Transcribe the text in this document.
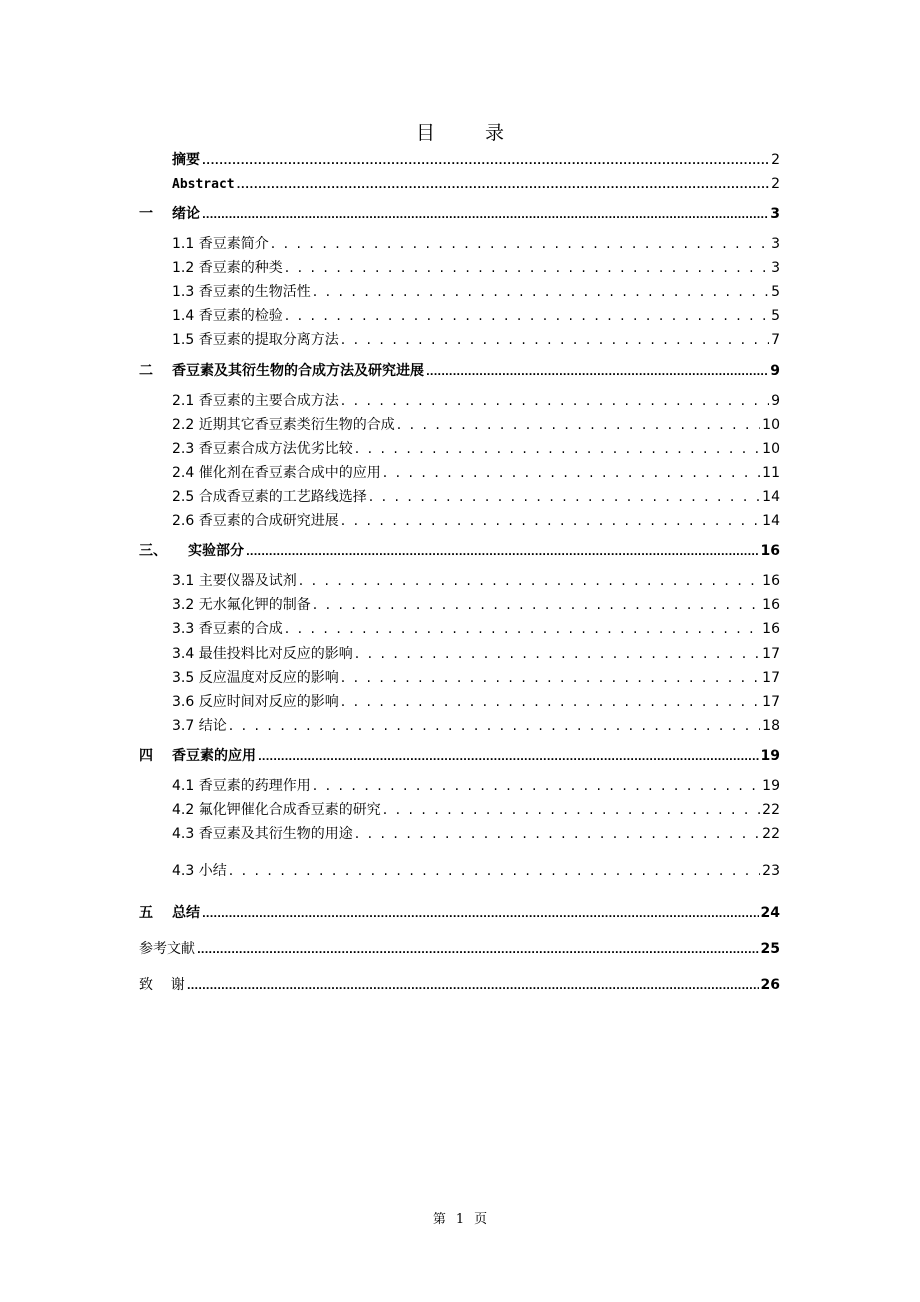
目 录
摘要 .....	2
Abstract .....	2
一 绪论 .....	3
1.1 香豆素简介 . . .	3
1.2 香豆素的种类 . . .	3
1.3 香豆素的生物活性 . . .	5
1.4 香豆素的检验 . . .	5
1.5 香豆素的提取分离方法 . . .	7
二 香豆素及其衍生物的合成方法及研究进展 .....	9
2.1 香豆素的主要合成方法 . . .	9
2.2 近期其它香豆素类衍生物的合成 . . .	10
2.3 香豆素合成方法优劣比较 . . .	10
2.4 催化剂在香豆素合成中的应用 . . .	11
2.5 合成香豆素的工艺路线选择 . . .	14
2.6 香豆素的合成研究进展 . . .	14
三、 实验部分 .....	16
3.1 主要仪器及试剂 . . .	16
3.2 无水氟化钾的制备 . . .	16
3.3 香豆素的合成 . . .	16
3.4 最佳投料比对反应的影响 . . .	17
3.5 反应温度对反应的影响 . . .	17
3.6 反应时间对反应的影响 . . .	17
3.7 结论 . . .	18
四 香豆素的应用 .....	19
4.1 香豆素的药理作用 . . .	19
4.2 氟化钾催化合成香豆素的研究 . . .	22
4.3 香豆素及其衍生物的用途 . . .	22
4.3 小结 . . .	23
五 总结 .....	24
参考文献 .....	25
致    谢 .....	26
第 1 页
